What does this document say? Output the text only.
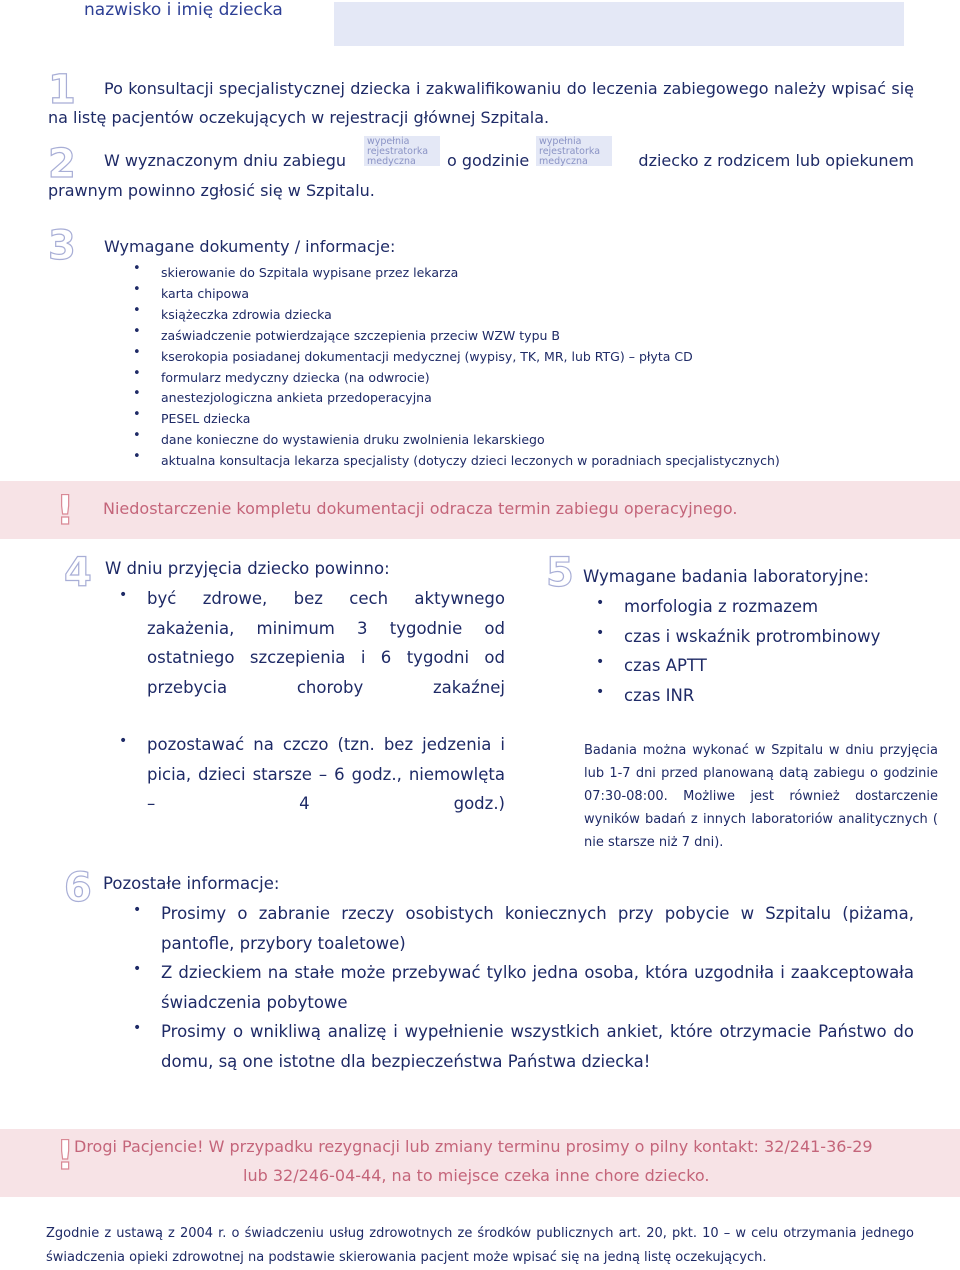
nazwisko i imię dziecka
1	Po konsultacji specjalistycznej dziecka i zakwalifikowaniu do leczenia zabiegowego należy wpisać się na listę pacjentów oczekujących w rejestracji głównej Szpitala.
2 W wyznaczonym dniu zabiegu
wypełnia rejestratorka medyczna	o godzinie
wypełnia rejestratorka medyczna	dziecko z rodzicem lub opiekunem
prawnym powinno zgłosić się w Szpitalu.
3 Wymagane dokumenty / informacje:
• skierowanie do Szpitala wypisane przez lekarza
• karta chipowa
• książeczka zdrowia dziecka
• zaświadczenie potwierdzające szczepienia przeciw WZW typu B
• kserokopia posiadanej dokumentacji medycznej (wypisy, TK, MR, lub RTG) – płyta CD
• formularz medyczny dziecka (na odwrocie)
• anestezjologiczna ankieta przedoperacyjna
• PESEL dziecka
• dane konieczne do wystawienia druku zwolnienia lekarskiego
• aktualna konsultacja lekarza specjalisty (dotyczy dzieci leczonych w poradniach specjalistycznych)
! Niedostarczenie kompletu dokumentacji odracza termin zabiegu operacyjnego.
4 W dniu przyjęcia dziecko powinno:
• być zdrowe, bez cech aktywnego zakażenia, minimum 3 tygodnie od ostatniego szczepienia i 6 tygodni od przebycia choroby zakaźnej
• pozostawać na czczo (tzn. bez jedzenia i picia, dzieci starsze – 6 godz., niemowlęta – 4 godz.)
5 Wymagane badania laboratoryjne:
• morfologia z rozmazem
• czas i wskaźnik protrombinowy
• czas APTT
• czas INR
Badania można wykonać w Szpitalu w dniu przyjęcia lub 1-7 dni przed planowaną datą zabiegu o godzinie 07:30-08:00. Możliwe jest również dostarczenie wyników badań z innych laboratoriów analitycznych ( nie starsze niż 7 dni).
6 Pozostałe informacje:
• Prosimy o zabranie rzeczy osobistych koniecznych przy pobycie w Szpitalu (piżama, pantofle, przybory toaletowe)
• Z dzieckiem na stałe może przebywać tylko jedna osoba, która uzgodniła i zaakceptowała świadczenia pobytowe
• Prosimy o wnikliwą analizę i wypełnienie wszystkich ankiet, które otrzymacie Państwo do domu, są one istotne dla bezpieczeństwa Państwa dziecka!
! Drogi Pacjencie! W przypadku rezygnacji lub zmiany terminu prosimy o pilny kontakt: 32/241-36-29
lub 32/246-04-44, na to miejsce czeka inne chore dziecko.
Zgodnie z ustawą z 2004 r. o świadczeniu usług zdrowotnych ze środków publicznych art. 20, pkt. 10 – w celu otrzymania jednego świadczenia opieki zdrowotnej na podstawie skierowania pacjent może wpisać się na jedną listę oczekujących.
